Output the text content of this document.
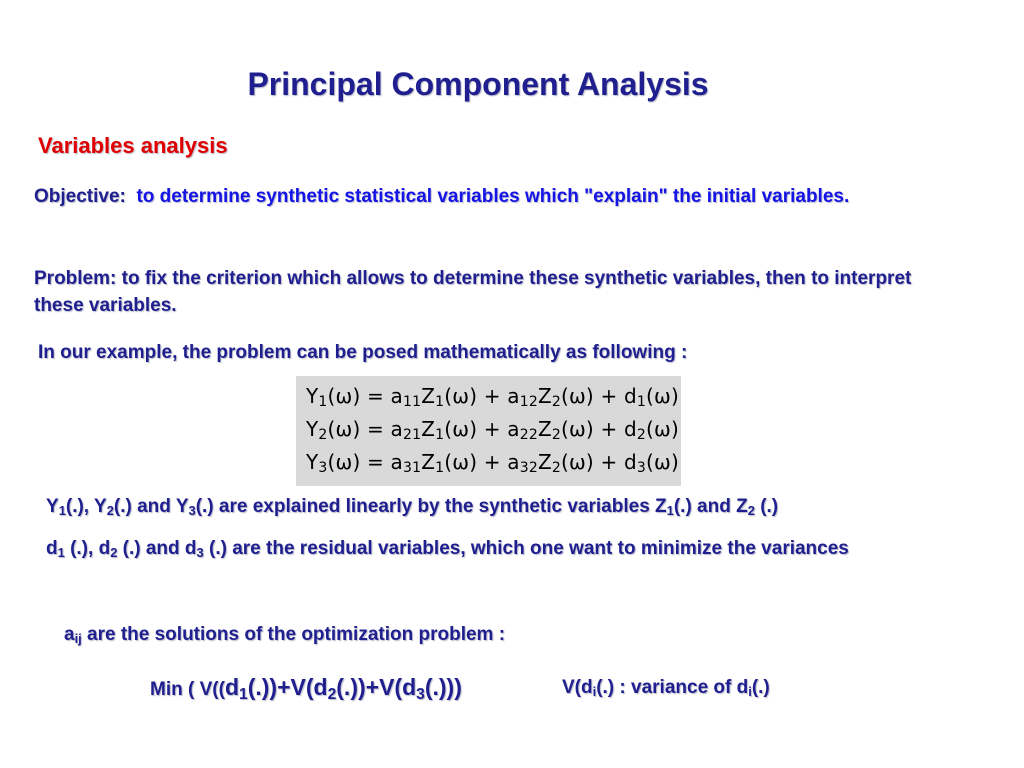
Principal Component Analysis
Variables analysis
Objective: to determine synthetic statistical variables which "explain" the initial variables.
Problem: to fix the criterion which allows to determine these synthetic variables, then to interpret these variables.
In our example, the problem can be posed mathematically as following :
$Y_1(\omega) = a_{11}Z_1(\omega) + a_{12}Z_2(\omega) + d_1(\omega)$
$Y_2(\omega) = a_{21}Z_1(\omega) + a_{22}Z_2(\omega) + d_2(\omega)$
$Y_3(\omega) = a_{31}Z_1(\omega) + a_{32}Z_2(\omega) + d_3(\omega)$
$Y_1(.)$, $Y_2(.)$ and $Y_3(.)$ are explained linearly by the synthetic variables $Z_1(.)$ and $Z_2$ (.)
$d_1$ (.), $d_2$ (.) and $d_3$ (.) are the residual variables, which one want to minimize the variances
$a_{ij}$ are the solutions of the optimization problem :
Min ( $V((d_1(.))+V(d_2(.))+V(d_3(.)))$	$V(d_i(.)$ : variance of $d_i(.)$
